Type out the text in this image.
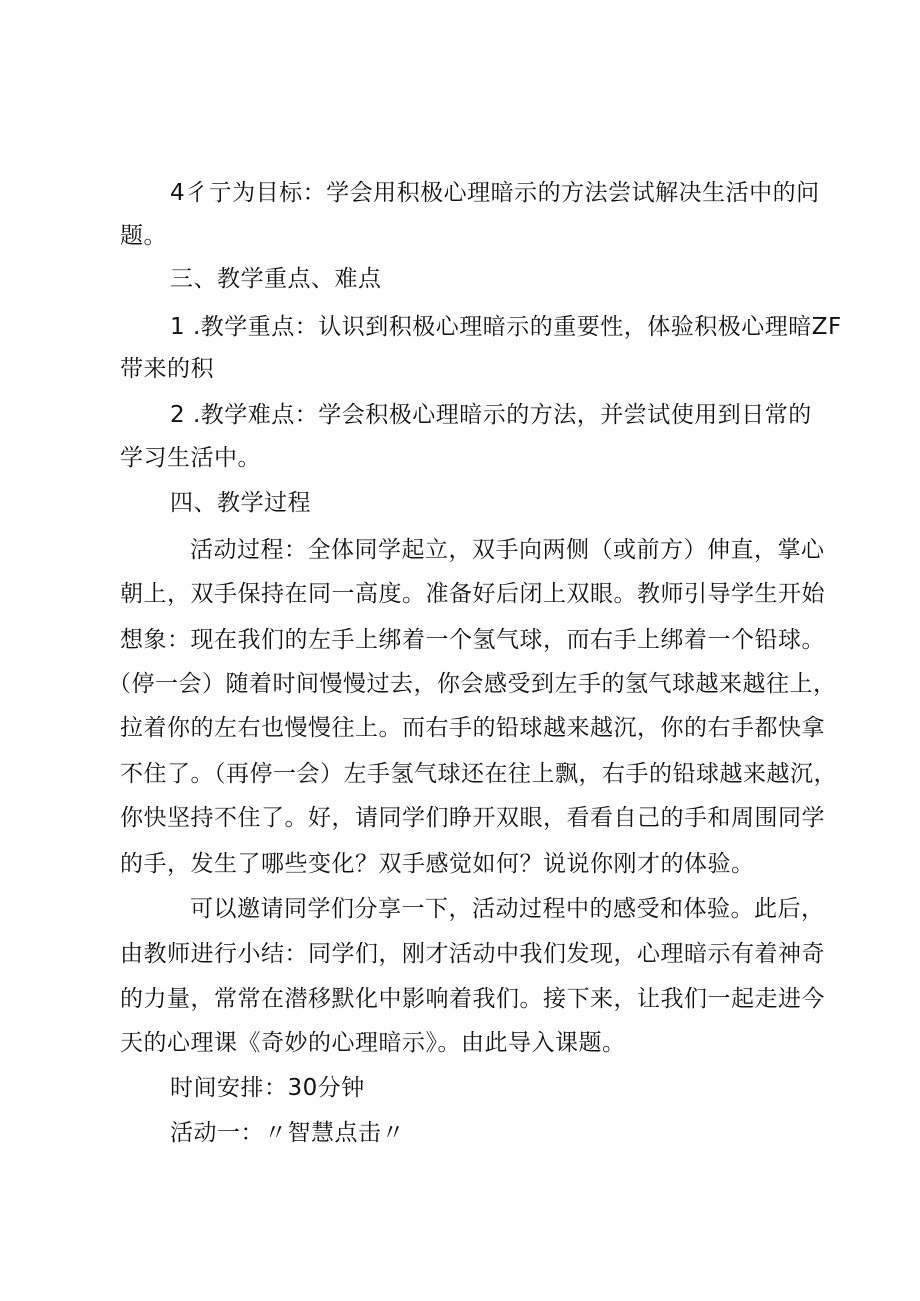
4彳亍为目标：学会用积极心理暗示的方法尝试解决生活中的问
题。
三、教学重点、难点
1 .教学重点：认识到积极心理暗示的重要性，体验积极心理暗ZF
带来的积
2 .教学难点：学会积极心理暗示的方法，并尝试使用到日常的
学习生活中。
四、教学过程
活动过程：全体同学起立，双手向两侧（或前方）伸直，掌心
朝上，双手保持在同一高度。准备好后闭上双眼。教师引导学生开始
想象：现在我们的左手上绑着一个氢气球，而右手上绑着一个铅球。
（停一会）随着时间慢慢过去，你会感受到左手的氢气球越来越往上，
拉着你的左右也慢慢往上。而右手的铅球越来越沉，你的右手都快拿
不住了。（再停一会）左手氢气球还在往上飘，右手的铅球越来越沉，
你快坚持不住了。好，请同学们睁开双眼，看看自己的手和周围同学
的手，发生了哪些变化？双手感觉如何？说说你刚才的体验。
可以邀请同学们分享一下，活动过程中的感受和体验。此后，
由教师进行小结：同学们，刚才活动中我们发现，心理暗示有着神奇
的力量，常常在潜移默化中影响着我们。接下来，让我们一起走进今
天的心理课《奇妙的心理暗示》。由此导入课题。
时间安排：30分钟
活动一：〃智慧点击〃
